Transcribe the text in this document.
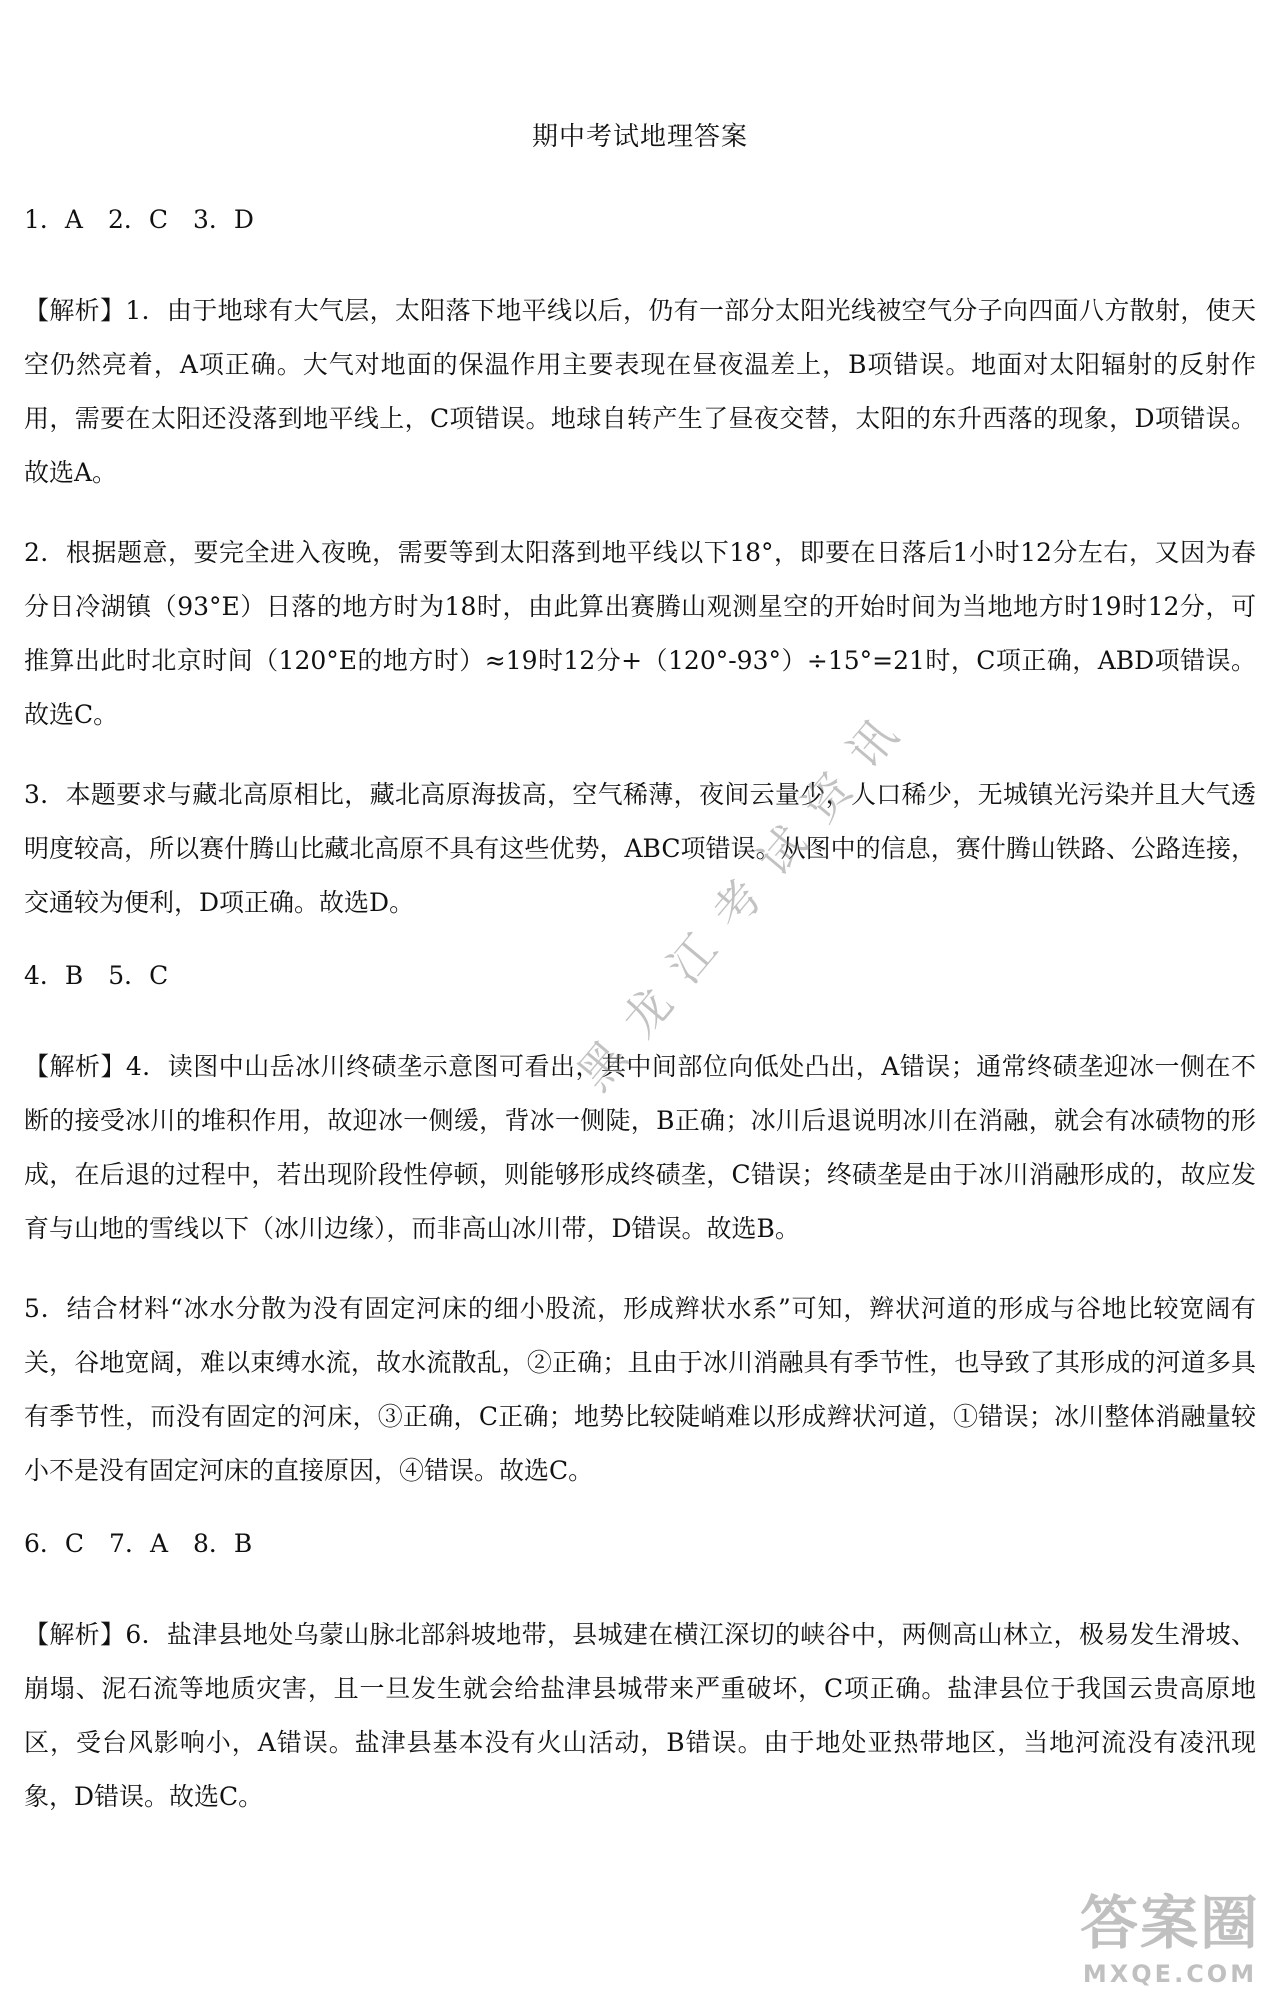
期中考试地理答案
1．A　2．C　3．D
【解析】1．由于地球有大气层，太阳落下地平线以后，仍有一部分太阳光线被空气分子向四面八方散射，使天空仍然亮着，A项正确。大气对地面的保温作用主要表现在昼夜温差上，B项错误。地面对太阳辐射的反射作用，需要在太阳还没落到地平线上，C项错误。地球自转产生了昼夜交替，太阳的东升西落的现象，D项错误。故选A。
2．根据题意，要完全进入夜晚，需要等到太阳落到地平线以下18°，即要在日落后1小时12分左右，又因为春分日冷湖镇（93°E）日落的地方时为18时，由此算出赛腾山观测星空的开始时间为当地地方时19时12分，可推算出此时北京时间（120°E的地方时）≈19时12分+（120°-93°）÷15°=21时，C项正确，ABD项错误。故选C。
3．本题要求与藏北高原相比，藏北高原海拔高，空气稀薄，夜间云量少，人口稀少，无城镇光污染并且大气透明度较高，所以赛什腾山比藏北高原不具有这些优势，ABC项错误。从图中的信息，赛什腾山铁路、公路连接，交通较为便利，D项正确。故选D。
4．B　5．C
【解析】4．读图中山岳冰川终碛垄示意图可看出，其中间部位向低处凸出，A错误；通常终碛垄迎冰一侧在不断的接受冰川的堆积作用，故迎冰一侧缓，背冰一侧陡，B正确；冰川后退说明冰川在消融，就会有冰碛物的形成，在后退的过程中，若出现阶段性停顿，则能够形成终碛垄，C错误；终碛垄是由于冰川消融形成的，故应发育与山地的雪线以下（冰川边缘），而非高山冰川带，D错误。故选B。
5．结合材料“冰水分散为没有固定河床的细小股流，形成辫状水系”可知，辫状河道的形成与谷地比较宽阔有关，谷地宽阔，难以束缚水流，故水流散乱，②正确；且由于冰川消融具有季节性，也导致了其形成的河道多具有季节性，而没有固定的河床，③正确，C正确；地势比较陡峭难以形成辫状河道，①错误；冰川整体消融量较小不是没有固定河床的直接原因，④错误。故选C。
6．C　7．A　8．B
【解析】6．盐津县地处乌蒙山脉北部斜坡地带，县城建在横江深切的峡谷中，两侧高山林立，极易发生滑坡、崩塌、泥石流等地质灾害，且一旦发生就会给盐津县城带来严重破坏，C项正确。盐津县位于我国云贵高原地区，受台风影响小，A错误。盐津县基本没有火山活动，B错误。由于地处亚热带地区，当地河流没有凌汛现象，D错误。故选C。
黑龙江考试资讯
答案圈
MXQE.COM
